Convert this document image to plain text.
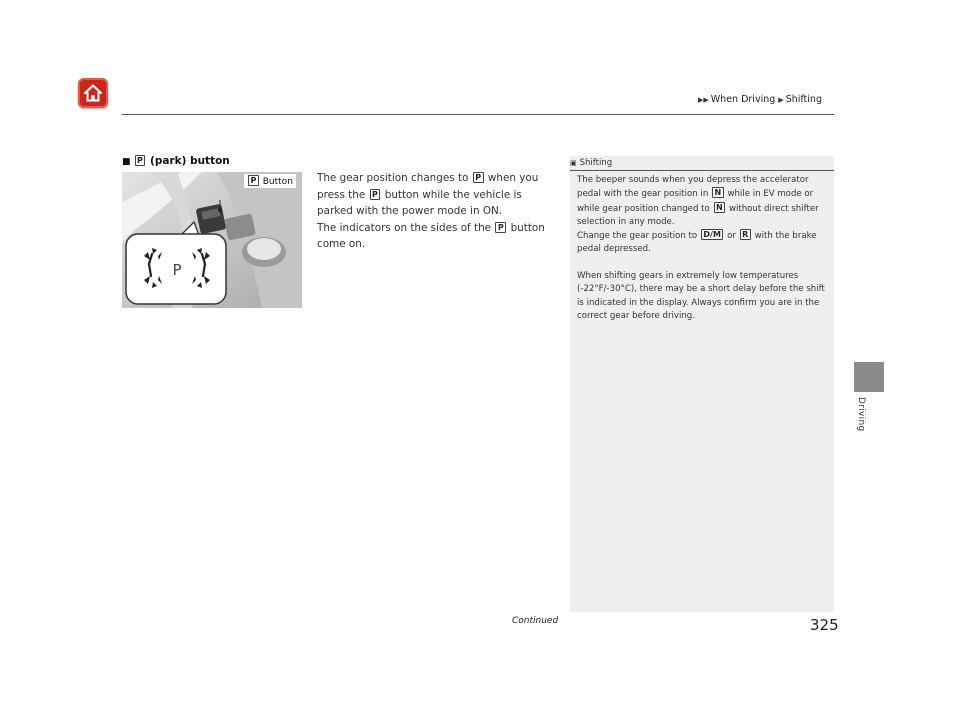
▶▶ When Driving ▶ Shifting
Driving
■ P (park) button
P
P Button The gear position changes to P when you press the P button while the vehicle is parked with the power mode in ON.
The indicators on the sides of the P button come on.
▣ Shifting

The beeper sounds when you depress the accelerator pedal with the gear position in N while in EV mode or while gear position changed to N without direct shifter selection in any mode.

Change the gear position to D/M or R with the brake pedal depressed.

When shifting gears in extremely low temperatures (-22°F/-30°C), there may be a short delay before the shift is indicated in the display. Always confirm you are in the correct gear before driving.

Continued	325
